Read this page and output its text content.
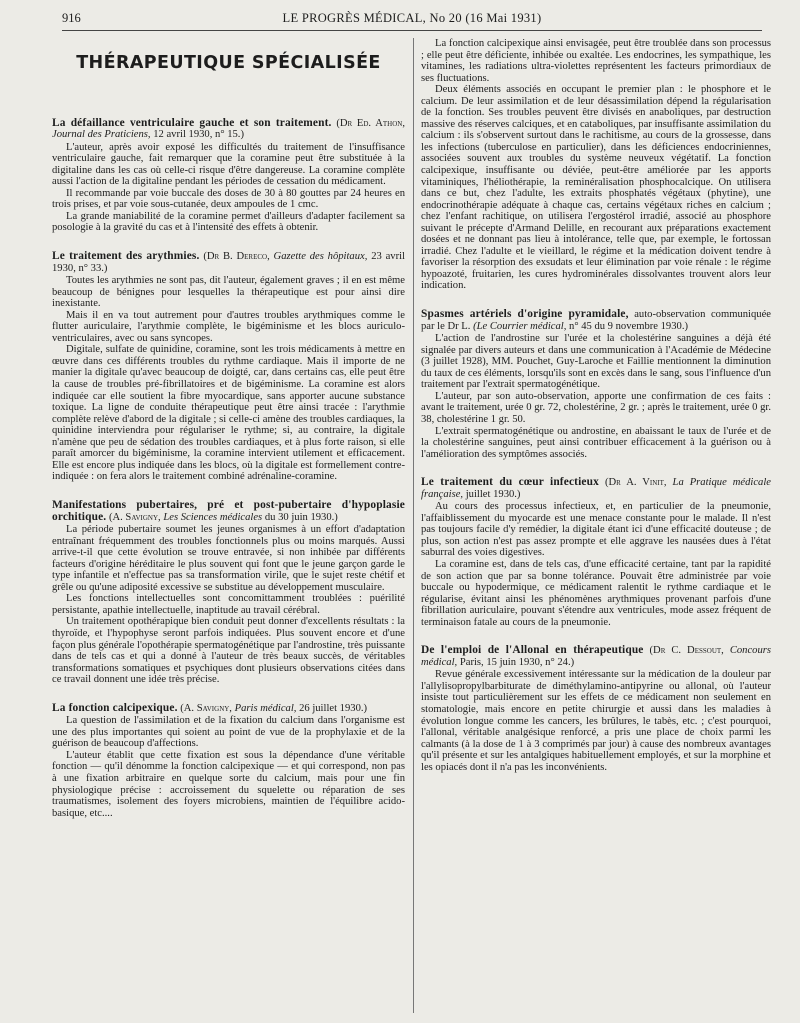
916	LE PROGRÈS MÉDICAL, No 20 (16 Mai 1931)
THÉRAPEUTIQUE SPÉCIALISÉE
La défaillance ventriculaire gauche et son traitement. (Dr Ed. Athon, Journal des Praticiens, 12 avril 1930, n° 15.)

L'auteur, après avoir exposé les difficultés du traitement de l'insuffisance ventriculaire gauche, fait remarquer que la coramine peut être substituée à la digitaline dans les cas où celle-ci risque d'être dangereuse. La coramine complète aussi l'action de la digitaline pendant les périodes de cessation du médicament.

Il recommande par voie buccale des doses de 30 à 80 gouttes par 24 heures en trois prises, et par voie sous-cutanée, deux ampoules de 1 cmc.

La grande maniabilité de la coramine permet d'ailleurs d'adapter facilement sa posologie à la gravité du cas et à l'intensité des effets à obtenir.

Le traitement des arythmies. (Dr B. Dereco, Gazette des hôpitaux, 23 avril 1930, n° 33.)

Toutes les arythmies ne sont pas, dit l'auteur, également graves ; il en est même beaucoup de bénignes pour lesquelles la thérapeutique est pour ainsi dire inexistante.

Mais il en va tout autrement pour d'autres troubles arythmiques comme le flutter auriculaire, l'arythmie complète, le bigéminisme et les blocs auriculo-ventriculaires, avec ou sans syncopes.

Digitale, sulfate de quinidine, coramine, sont les trois médicaments à mettre en œuvre dans ces différents troubles du rythme cardiaque. Mais il importe de ne manier la digitale qu'avec beaucoup de doigté, car, dans certains cas, elle peut être la cause de troubles pré-fibrillatoires et de bigéminisme. La coramine est alors indiquée car elle soutient la fibre myocardique, sans apporter aucune substance toxique. La ligne de conduite thérapeutique peut être ainsi tracée : l'arythmie complète relève d'abord de la digitale ; si celle-ci amène des troubles cardiaques, la quinidine interviendra pour régulariser le rythme; si, au contraire, la digitale n'amène que peu de sédation des troubles cardiaques, et à plus forte raison, si elle paraît amorcer du bigéminisme, la coramine intervient utilement et efficacement. Elle est encore plus indiquée dans les blocs, où la digitale est formellement contre-indiquée : on fera alors le traitement combiné adrénaline-coramine.

Manifestations pubertaires, pré et post-pubertaire d'hypoplasie orchitique. (A. Savigny, Les Sciences médicales du 30 juin 1930.)

La période pubertaire soumet les jeunes organismes à un effort d'adaptation entraînant fréquemment des troubles fonctionnels plus ou moins marqués. Aussi arrive-t-il que cette évolution se trouve entravée, si non inhibée par différents facteurs d'origine héréditaire le plus souvent qui font que le jeune garçon garde le type infantile et n'effectue pas sa transformation virile, que le sujet reste chétif et grêle ou qu'une adiposité excessive se substitue au développement musculaire.

Les fonctions intellectuelles sont concomittamment troublées : puérilité persistante, apathie intellectuelle, inaptitude au travail cérébral.

Un traitement opothérapique bien conduit peut donner d'excellents résultats : la thyroïde, et l'hypophyse seront parfois indiquées. Plus souvent encore et d'une façon plus générale l'opothérapie spermatogénétique par l'androstine, très puissante dans de tels cas et qui a donné à l'auteur de très beaux succès, de véritables transformations somatiques et psychiques dont plusieurs observations citées dans ce travail donnent une idée très précise.

La fonction calcipexique. (A. Savigny, Paris médical, 26 juillet 1930.)

La question de l'assimilation et de la fixation du calcium dans l'organisme est une des plus importantes qui soient au point de vue de la prophylaxie et de la guérison de beaucoup d'affections.

L'auteur établit que cette fixation est sous la dépendance d'une véritable fonction — qu'il dénomme la fonction calcipexique — et qui correspond, non pas à une fixation arbitraire en quelque sorte du calcium, mais pour une fin physiologique précise : accroissement du squelette ou réparation de ses traumatismes, isolement des foyers microbiens, maintien de l'équilibre acido-basique, etc....

La fonction calcipexique ainsi envisagée, peut être troublée dans son processus ; elle peut être déficiente, inhibée ou exaltée. Les endocrines, les sympathique, les vitamines, les radiations ultra-violettes représentent les facteurs primordiaux de ses fluctuations.

Deux éléments associés en occupant le premier plan : le phosphore et le calcium. De leur assimilation et de leur désassimilation dépend la régularisation de la fonction. Ses troubles peuvent être divisés en anaboliques, par destruction massive des réserves calciques, et en cataboliques, par insuffisante assimilation du calcium : ils s'observent surtout dans le rachitisme, au cours de la grossesse, dans les infections (tuberculose en particulier), dans les déficiences endocriniennes, associées souvent aux troubles du système neuveux végétatif. La fonction calcipexique, insuffisante ou déviée, peut-être améliorée par les apports vitaminiques, l'héliothérapie, la reminéralisation phosphocalcique. On utilisera dans ce but, chez l'adulte, les extraits phosphatés végétaux (phytine), une endocrinothérapie adéquate à chaque cas, certains végétaux riches en calcium ; chez l'enfant rachitique, on utilisera l'ergostérol irradié, associé au phosphore suivant le précepte d'Armand Delille, en recourant aux préparations exactement dosées et ne donnant pas lieu à intolérance, telle que, par exemple, le fortossan irradié. Chez l'adulte et le vieillard, le régime et la médication doivent tendre à favoriser la résorption des exsudats et leur élimination par voie rénale : le régime hypoazoté, fruitarien, les cures hydrominérales dissolvantes trouvent alors leur indication.

Spasmes artériels d'origine pyramidale, auto-observation communiquée par le Dr L. (Le Courrier médical, n° 45 du 9 novembre 1930.)

L'action de l'androstine sur l'urée et la cholestérine sanguines a déjà été signalée par divers auteurs et dans une communication à l'Académie de Médecine (3 juillet 1928), MM. Pouchet, Guy-Laroche et Faillie mentionnent la diminution du taux de ces éléments, lorsqu'ils sont en excès dans le sang, sous l'influence d'un traitement par l'extrait spermatogénétique.

L'auteur, par son auto-observation, apporte une confirmation de ces faits : avant le traitement, urée 0 gr. 72, cholestérine, 2 gr. ; après le traitement, urée 0 gr. 38, cholestérine 1 gr. 50.

L'extrait spermatogénétique ou androstine, en abaissant le taux de l'urée et de la cholestérine sanguines, peut ainsi contribuer efficacement à la guérison ou à l'amélioration des symptômes associés.

Le traitement du cœur infectieux (Dr A. Vinit, La Pratique médicale française, juillet 1930.)

Au cours des processus infectieux, et, en particulier de la pneumonie, l'affaiblissement du myocarde est une menace constante pour le malade. Il n'est pas toujours facile d'y remédier, la digitale étant ici d'une efficacité douteuse ; de plus, son action n'est pas assez prompte et elle aggrave les nausées dues à l'état saburral des voies digestives.

La coramine est, dans de tels cas, d'une efficacité certaine, tant par la rapidité de son action que par sa bonne tolérance. Pouvait être administrée par voie buccale ou hypodermique, ce médicament ralentit le rythme cardiaque et le régularise, évitant ainsi les phénomènes arythmiques provenant parfois d'une fibrillation auriculaire, pouvant s'étendre aux ventricules, mode assez fréquent de terminaison fatale au cours de la pneumonie.

De l'emploi de l'Allonal en thérapeutique (Dr C. Dessout, Concours médical, Paris, 15 juin 1930, n° 24.)

Revue générale excessivement intéressante sur la médication de la douleur par l'allylisopropylbarbiturate de diméthylamino-antipyrine ou allonal, où l'auteur insiste tout particulièrement sur les effets de ce médicament non seulement en stomatologie, mais encore en petite chirurgie et aussi dans les maladies à évolution longue comme les cancers, les brûlures, le tabès, etc. ; c'est pourquoi, l'allonal, véritable analgésique renforcé, a pris une place de choix parmi les calmants (à la dose de 1 à 3 comprimés par jour) à cause des nombreux avantages qu'il présente et sur les antalgiques habituellement employés, et sur la morphine et les opiacés dont il n'a pas les inconvénients.
